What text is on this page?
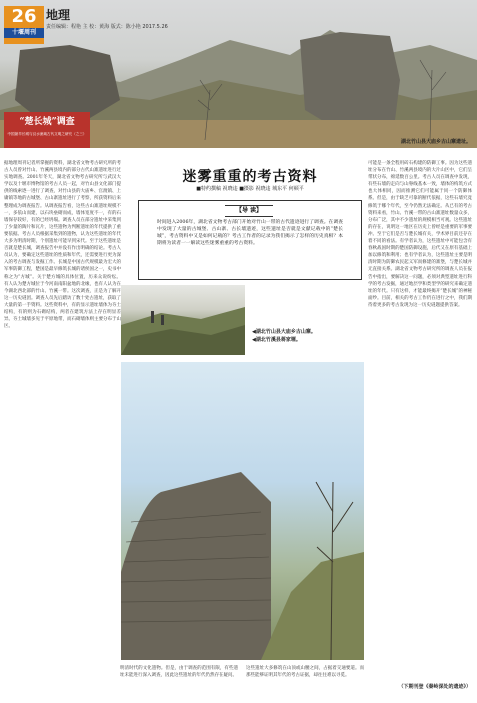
26
十堰周刊
地理
责任编辑：程艳 主 校：黄海 版式：陈小艳 2017.5.26
“楚长城”调查
中国最早长城与汉水流域古代文明之研究（之三）
湖北竹山县大庙乡古山寨遗址。
据地理周刊记者所掌握的资料，湖北省文物考古研究所的考古人员曾对竹山、竹溪两县境内的部分古代山寨遗址进行过实地调查。2001年冬天，湖北省文物考古研究所与武汉大学以及十堰市博物馆的考古人员一起，对竹山县文化部门提供的线索逐一进行了调查，对竹山县的大庙乡、官渡镇、上庸镇等地的古城堡、古山寨遗址进行了考察，所获资料后来整理成为调查报告。从调查报告看，这些古山寨遗址规模不一，多依山而建，以石块垒砌而成，墙体宽度不一，有的石墙保存较好，有的已经坍塌。调查人员在部分遗址中采集到了少量的陶片和瓦片，这些遗物为判断遗址的年代提供了重要依据。考古人员根据采集到的遗物，认为这些遗址的年代大多为明清时期，个别遗址可能早到宋代。至于这些遗址是否就是楚长城，调查报告中并没有作出明确的结论。考古人员认为，要确定这些遗址的性质和年代，还需要进行更为深入的考古调查与发掘工作。长城是中国古代规模最为宏大的军事防御工程，楚国是最早修筑长城的诸侯国之一，史书中称之为“方城”。关于楚方城的具体位置，历来众说纷纭。有人认为楚方城位于今河南南阳盆地的北缘，也有人认为在今湖北西北部的竹山、竹溪一带。这次调查，正是为了解开这一历史谜团。调查人员先后踏访了数十处古遗址，获取了大量的第一手资料。这些资料中，有的显示遗址墙体为夯土结构，有的则为石砌结构，两者在建筑方法上存在明显差异。夯土城墙多见于平原地带，而石砌墙体则主要分布于山区。
迷雾重重的考古资料
■特约撰稿 祝晓违 ■摄影 祝晓违 城东平 何顿平
【导 读】
时间进入2006年，湖北省文物考古部门开始对竹山一带的古代遗迹进行了调查。在调查中发现了大量的古城堡、古山寨、古长墙遗迹，这些遗址是否就是文献记载中的“楚长城”，考古资料中又是如何记载的？考古工作者的记录为我们揭示了怎样的历史真相？本期将为读者一一解读这些迷雾重重的考古资料。
◀湖北竹山县大庙乡古山寨。
◀湖北竹溪县蒋家堰。
可能是一条全程用砖石构建的防御工事。因为这些遗址分布在竹山、竹溪两县境内的大片山区中，它们呈带状分布，绵延数百公里。考古人员在调查中发现，有些石墙的走向与山脊线基本一致，墙体的构筑方式也大体相同，因而推测它们可能属于同一个防御体系。但是，由于缺乏可靠的断代依据，这些石墙究竟修筑于哪个年代，至今仍然无法确定。从已有的考古资料来看，竹山、竹溪一带的古山寨遗址数量众多，分布广泛，其中不少遗址的规模相当可观。这些遗址的存在，说明这一地区在历史上曾经是重要的军事要冲。至于它们是否与楚长城有关，学术界目前还存在着不同的看法。有学者认为，这些遗址中可能包含有春秋战国时期的楚国防御设施，后代又在原有基础上加以修筑和利用；也有学者认为，这些遗址主要是明清时期为防御农民起义军而修建的寨堡，与楚长城并无直接关系。湖北省文物考古研究所的调查人员在报告中指出，要解决这一问题，必须对典型遗址进行科学的考古发掘，通过地层学和类型学的研究来确定遗址的年代。只有这样，才能最终揭开“楚长城”的神秘面纱。目前，相关的考古工作仍在进行之中，我们期待着更多的考古发现为这一历史谜题提供答案。
（下期刊登《秦岭深处的遗迹》）
明清时代的文化遗物。但是，由于调查的范围有限，有些遗址未能进行深入调查，因此这些遗址的年代仍然存在疑问。
这些遗址大多修筑在山顶或山腰之间，占据着交通要道。而那些能够证明其年代的考古证据，却往往难以寻觅。
